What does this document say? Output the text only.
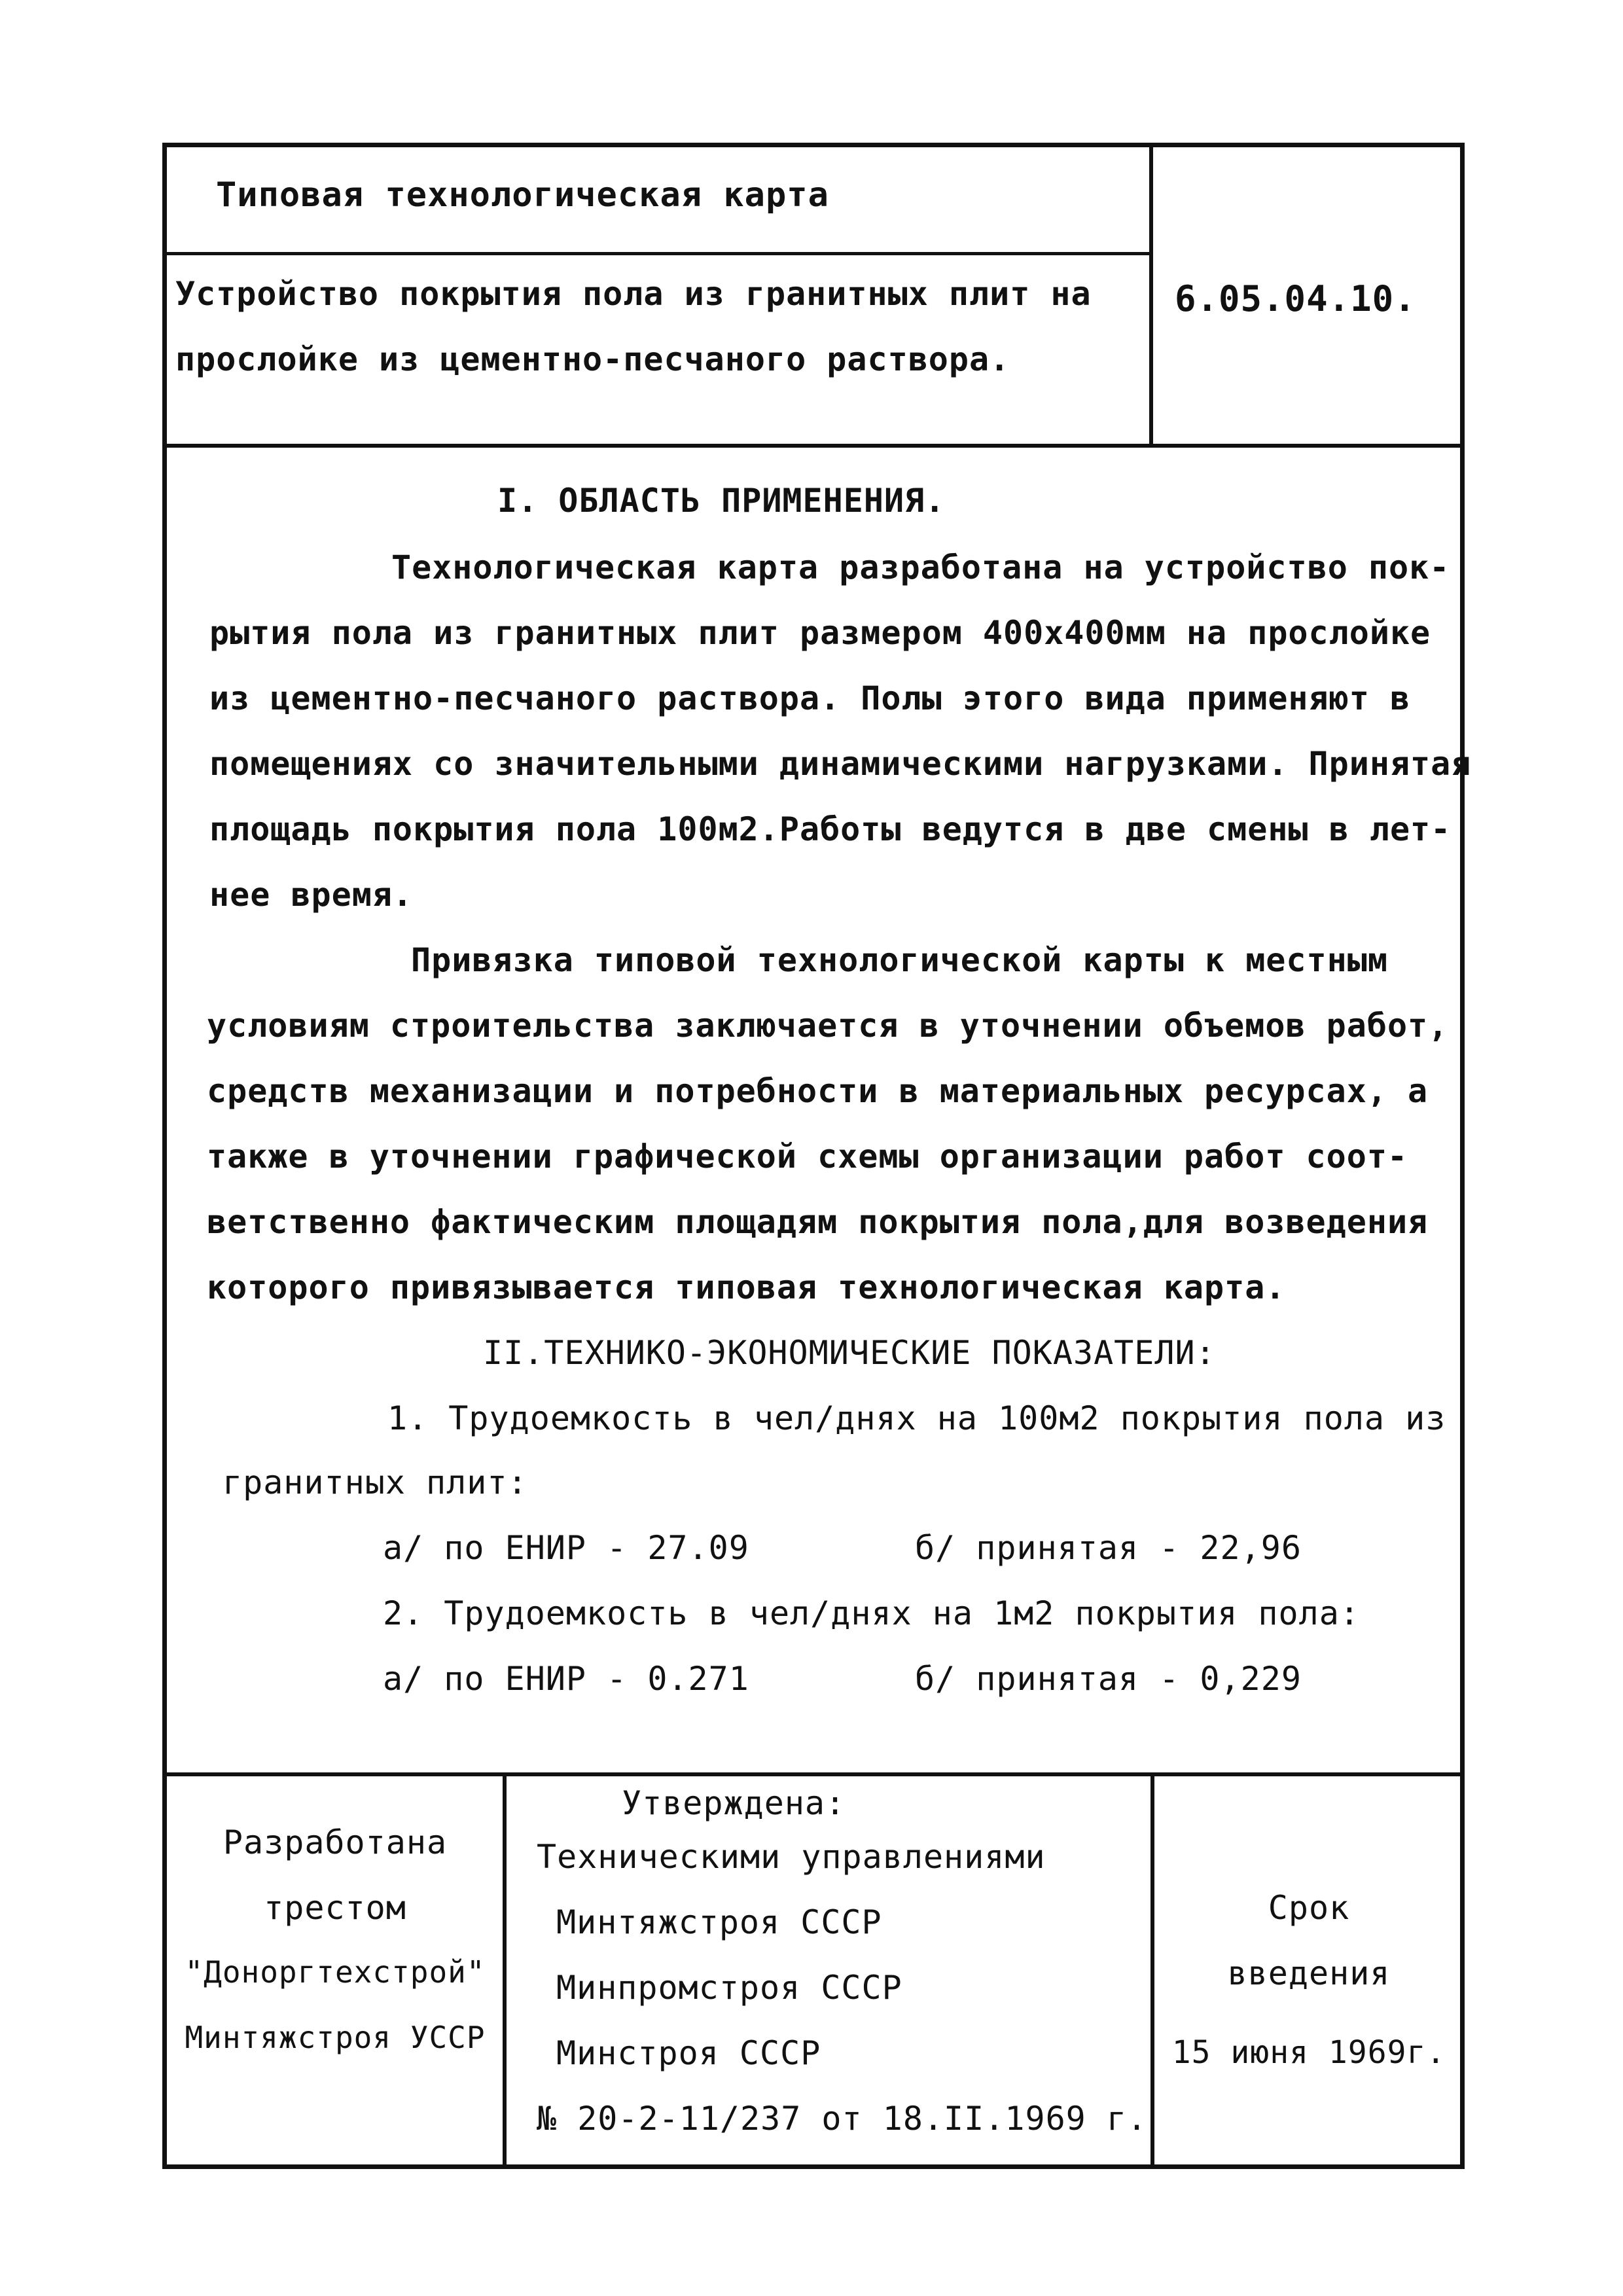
Типовая технологическая карта
Устройство покрытия пола из гранитных плит на
прослойке из цементно-песчаного раствора.
6.05.04.10.
I. ОБЛАСТЬ ПРИМЕНЕНИЯ.
Технологическая карта разработана на устройство пок-
рытия пола из гранитных плит размером 400х400мм на прослойке
из цементно-песчаного раствора. Полы этого вида применяют в
помещениях со значительными динамическими нагрузками. Принятая
площадь покрытия пола 100м2.Работы ведутся в две смены в лет-
нее время.
Привязка типовой технологической карты к местным
условиям строительства заключается в уточнении объемов работ,
средств механизации и потребности в материальных ресурсах, а
также в уточнении графической схемы организации работ соот-
ветственно фактическим площадям покрытия пола,для возведения
которого привязывается типовая технологическая карта.
II.ТЕХНИКО-ЭКОНОМИЧЕСКИЕ ПОКАЗАТЕЛИ:
1. Трудоемкость в чел/днях на 100м2 покрытия пола из
гранитных плит:
а/ по ЕНИР - 27.09	б/ принятая - 22,96
2. Трудоемкость в чел/днях на 1м2 покрытия пола:
а/ по ЕНИР - 0.271	б/ принятая - 0,229
Разработана
трестом
"Доноргтехстрой"
Минтяжстроя УССР
Утверждена:
Техническими управлениями
Минтяжстроя СССР
Минпромстроя СССР
Минстроя СССР
№ 20-2-11/237 от 18.II.1969 г.
Срок
введения
15 июня 1969г.
